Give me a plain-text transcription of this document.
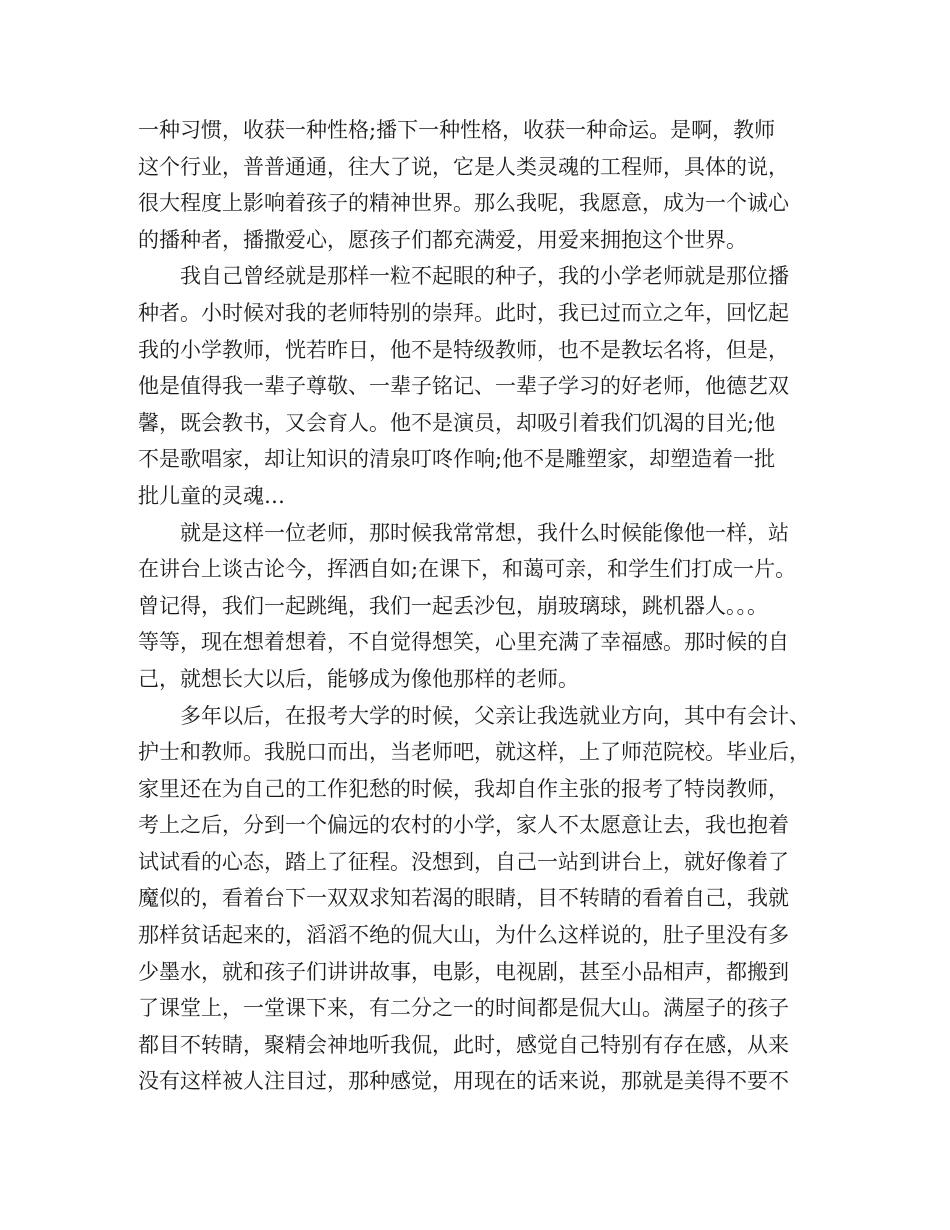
一种习惯，收获一种性格;播下一种性格，收获一种命运。是啊，教师
这个行业，普普通通，往大了说，它是人类灵魂的工程师，具体的说，
很大程度上影响着孩子的精神世界。那么我呢，我愿意，成为一个诚心
的播种者，播撒爱心，愿孩子们都充满爱，用爱来拥抱这个世界。
我自己曾经就是那样一粒不起眼的种子，我的小学老师就是那位播
种者。小时候对我的老师特别的崇拜。此时，我已过而立之年，回忆起
我的小学教师，恍若昨日，他不是特级教师，也不是教坛名将，但是，
他是值得我一辈子尊敬、一辈子铭记、一辈子学习的好老师，他德艺双
馨，既会教书，又会育人。他不是演员，却吸引着我们饥渴的目光;他
不是歌唱家，却让知识的清泉叮咚作响;他不是雕塑家，却塑造着一批
批儿童的灵魂…
就是这样一位老师，那时候我常常想，我什么时候能像他一样，站
在讲台上谈古论今，挥洒自如;在课下，和蔼可亲，和学生们打成一片。
曾记得，我们一起跳绳，我们一起丢沙包，崩玻璃球，跳机器人。。。
等等，现在想着想着，不自觉得想笑，心里充满了幸福感。那时候的自
己，就想长大以后，能够成为像他那样的老师。
多年以后，在报考大学的时候，父亲让我选就业方向，其中有会计、
护士和教师。我脱口而出，当老师吧，就这样，上了师范院校。毕业后，
家里还在为自己的工作犯愁的时候，我却自作主张的报考了特岗教师，
考上之后，分到一个偏远的农村的小学，家人不太愿意让去，我也抱着
试试看的心态，踏上了征程。没想到，自己一站到讲台上，就好像着了
魔似的，看着台下一双双求知若渴的眼睛，目不转睛的看着自己，我就
那样贫话起来的，滔滔不绝的侃大山，为什么这样说的，肚子里没有多
少墨水，就和孩子们讲讲故事，电影，电视剧，甚至小品相声，都搬到
了课堂上，一堂课下来，有二分之一的时间都是侃大山。满屋子的孩子
都目不转睛，聚精会神地听我侃，此时，感觉自己特别有存在感，从来
没有这样被人注目过，那种感觉，用现在的话来说，那就是美得不要不
